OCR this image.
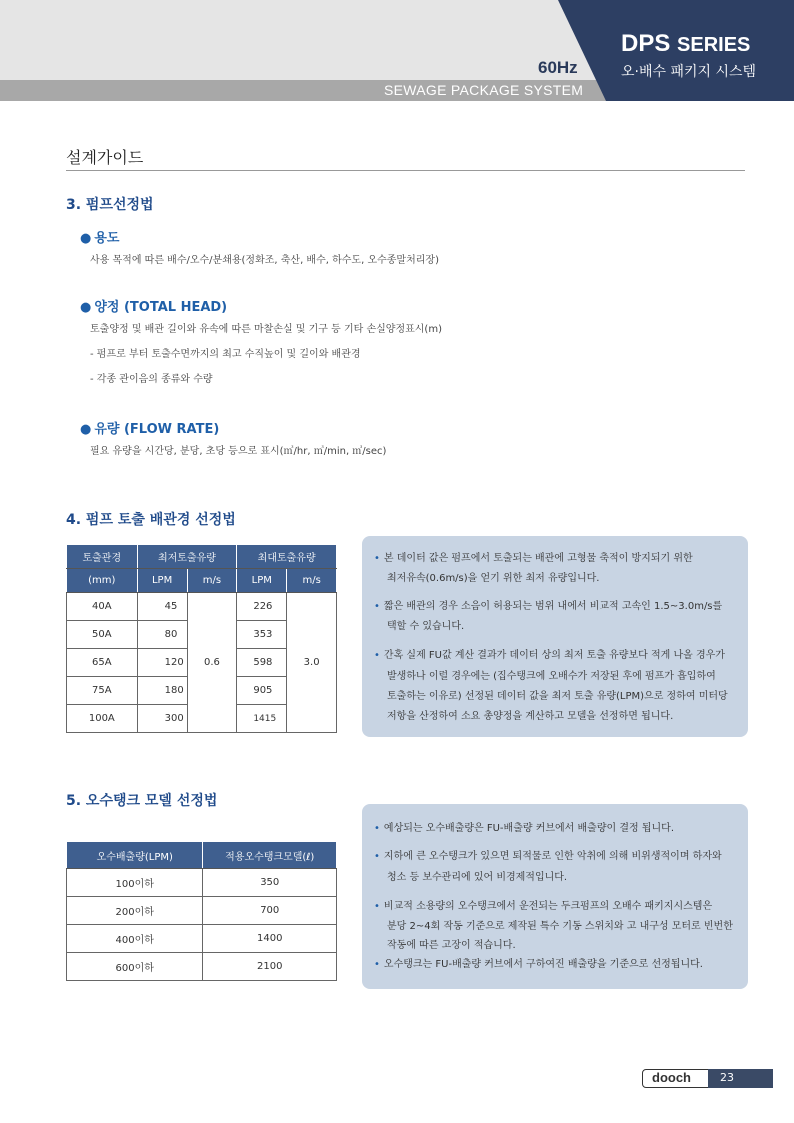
SEWAGE PACKAGE SYSTEM
60Hz
DPS SERIES
오·배수 패키지 시스템
설계가이드
3. 펌프선정법
● 용도
사용 목적에 따른 배수/오수/분쇄용(정화조, 축산, 배수, 하수도, 오수종말처리장)
● 양정 (TOTAL HEAD)
토출양정 및 배관 길이와 유속에 따른 마찰손실 및 기구 등 기타 손실양정표시(m)
- 펌프로 부터 토출수면까지의 최고 수직높이 및 길이와 배관경
- 각종 관이음의 종류와 수량
● 유량 (FLOW RATE)
필요 유량을 시간당, 분당, 초당 등으로 표시(㎥/hr, ㎥/min, ㎥/sec)
4. 펌프 토출 배관경 선정법
토출관경	최저토출유량		최대토출유량	
(mm)	LPM	m/s	LPM	m/s
40A	45	0.6	226	3.0
50A	80		353	
65A	120		598	
75A	180		905	
100A	300		1415	
• 본 데이터 값은 펌프에서 토출되는 배관에 고형물 축적이 방지되기 위한
최저유속(0.6m/s)을 얻기 위한 최저 유량입니다.
• 짧은 배관의 경우 소음이 허용되는 범위 내에서 비교적 고속인 1.5~3.0m/s를
택할 수 있습니다.
• 간혹 실제 FU값 계산 결과가 데이터 상의 최저 토출 유량보다 적게 나올 경우가
발생하나 이럴 경우에는 (집수탱크에 오배수가 저장된 후에 펌프가 흡입하여
토출하는 이유로) 선정된 데이터 값을 최저 토출 유량(LPM)으로 정하여 미터당
저항을 산정하여 소요 총양정을 계산하고 모델을 선정하면 됩니다.
5. 오수탱크 모델 선정법
오수배출량(LPM)	적용오수탱크모델(ℓ)
100이하	350
200이하	700
400이하	1400
600이하	2100
• 예상되는 오수배출량은 FU-배출량 커브에서 배출량이 결정 됩니다.
• 지하에 큰 오수탱크가 있으면 퇴적물로 인한 악취에 의해 비위생적이며 하자와
청소 등 보수관리에 있어 비경제적입니다.
• 비교적 소용량의 오수탱크에서 운전되는 두크펌프의 오배수 패키지시스템은
분당 2~4회 작동 기준으로 제작된 특수 기동 스위치와 고 내구성 모터로 빈번한
작동에 따른 고장이 적습니다.
• 오수탱크는 FU-배출량 커브에서 구하여진 배출량을 기준으로 선정됩니다.
dooch	23
